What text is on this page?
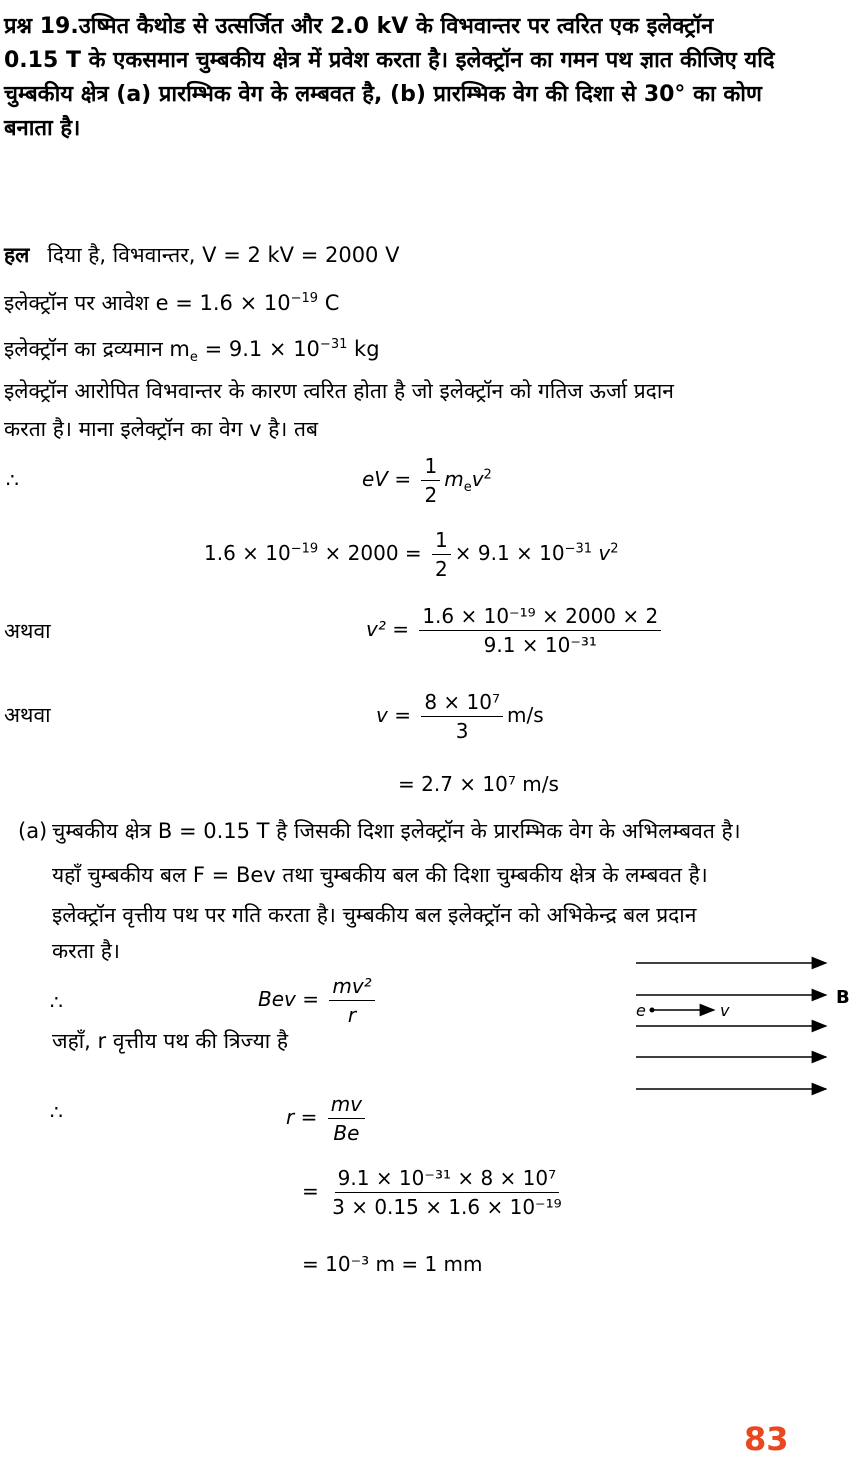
प्रश्न 19.उष्मित कैथोड से उत्सर्जित और 2.0 kV के विभवान्तर पर त्वरित एक इलेक्ट्रॉन
0.15 T के एकसमान चुम्बकीय क्षेत्र में प्रवेश करता है। इलेक्ट्रॉन का गमन पथ ज्ञात कीजिए यदि
चुम्बकीय क्षेत्र (a) प्रारम्भिक वेग के लम्बवत है, (b) प्रारम्भिक वेग की दिशा से 30° का कोण
बनाता है।
हल दिया है, विभवान्तर, V = 2 kV = 2000 V
इलेक्ट्रॉन पर आवेश $e = 1.6 \times 10^{-19}$ C
इलेक्ट्रॉन का द्रव्यमान $m_e = 9.1 \times 10^{-31}$ kg
इलेक्ट्रॉन आरोपित विभवान्तर के कारण त्वरित होता है जो इलेक्ट्रॉन को गतिज ऊर्जा प्रदान
करता है। माना इलेक्ट्रॉन का वेग v है। तब
∴	eV = $\frac{1}{2} m_ev^2$
$1.6 \times 10^{-19} \times 2000 = \frac{1}{2} \times 9.1 \times 10^{-31}$ $v^2$
अथवा	$v^2 = \frac{\text{1.6 × 10⁻¹⁹ × 2000 × 2}}{\text{9.1 × 10⁻³¹}}$
अथवा	$v = \frac{\text{8 × 10⁷}}{3} m/s$
= 2.7 × 10⁷ m/s
(a) चुम्बकीय क्षेत्र B = 0.15 T है जिसकी दिशा इलेक्ट्रॉन के प्रारम्भिक वेग के अभिलम्बवत है।
यहाँ चुम्बकीय बल F = Bev तथा चुम्बकीय बल की दिशा चुम्बकीय क्षेत्र के लम्बवत है।
इलेक्ट्रॉन वृत्तीय पथ पर गति करता है। चुम्बकीय बल इलेक्ट्रॉन को अभिकेन्द्र बल प्रदान
करता है।
∴	Bev = $\frac{\text{mv²}}{r}$	e	v
B
जहाँ, r वृत्तीय पथ की त्रिज्या है
∴	$r = \frac{mv}{Be}$
= $\frac{\text{9.1 × 10⁻³¹ × 8 × 10⁷}}{\text{3 × 0.15 × 1.6 × 10⁻¹⁹}}$
= 10⁻³ m = 1 mm
83
